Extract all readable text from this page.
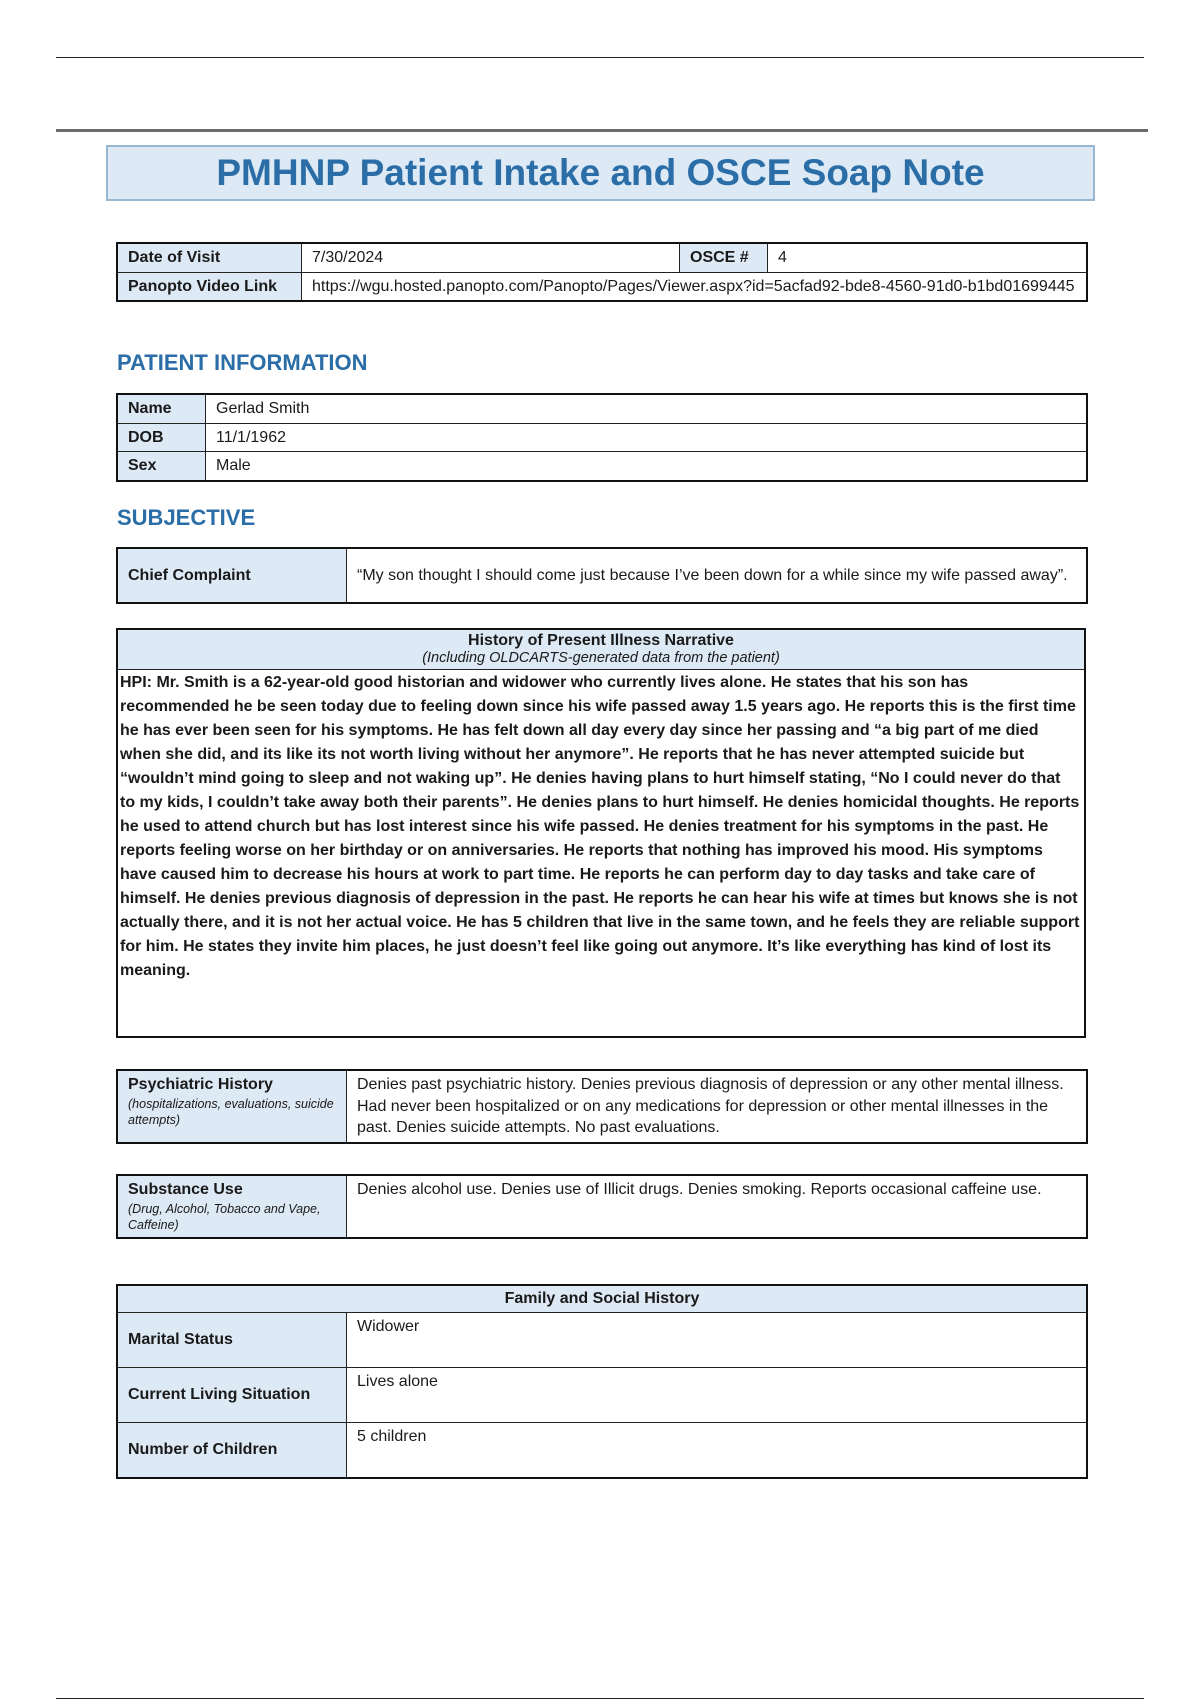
PMHNP Patient Intake and OSCE Soap Note
Date of Visit	7/30/2024	OSCE #	4
Panopto Video Link	https://wgu.hosted.panopto.com/Panopto/Pages/Viewer.aspx?id=5acfad92-bde8-4560-91d0-b1bd01699445		
PATIENT INFORMATION
Name	Gerlad Smith
DOB	11/1/1962
Sex	Male
SUBJECTIVE
Chief Complaint	“My son thought I should come just because I’ve been down for a while since my wife passed away”.
History of Present Illness Narrative
(Including OLDCARTS-generated data from the patient)
HPI: Mr. Smith is a 62-year-old good historian and widower who currently lives alone. He states that his son has recommended he be seen today due to feeling down since his wife passed away 1.5 years ago. He reports this is the first time he has ever been seen for his symptoms. He has felt down all day every day since her passing and “a big part of me died when she did, and its like its not worth living without her anymore”. He reports that he has never attempted suicide but “wouldn’t mind going to sleep and not waking up”. He denies having plans to hurt himself stating, “No I could never do that to my kids, I couldn’t take away both their parents”. He denies plans to hurt himself. He denies homicidal thoughts. He reports he used to attend church but has lost interest since his wife passed. He denies treatment for his symptoms in the past. He reports feeling worse on her birthday or on anniversaries. He reports that nothing has improved his mood. His symptoms have caused him to decrease his hours at work to part time. He reports he can perform day to day tasks and take care of himself. He denies previous diagnosis of depression in the past. He reports he can hear his wife at times but knows she is not actually there, and it is not her actual voice. He has 5 children that live in the same town, and he feels they are reliable support for him. He states they invite him places, he just doesn’t feel like going out anymore. It’s like everything has kind of lost its meaning.
Psychiatric History
(hospitalizations, evaluations, suicide attempts)
	Denies past psychiatric history. Denies previous diagnosis of depression or any other mental illness. Had never been hospitalized or on any medications for depression or other mental illnesses in the past. Denies suicide attempts. No past evaluations.
Substance Use
(Drug, Alcohol, Tobacco and Vape, Caffeine)
	Denies alcohol use. Denies use of Illicit drugs. Denies smoking. Reports occasional caffeine use.
Family and Social History	
Marital Status	Widower
Current Living Situation	Lives alone
Number of Children	5 children
